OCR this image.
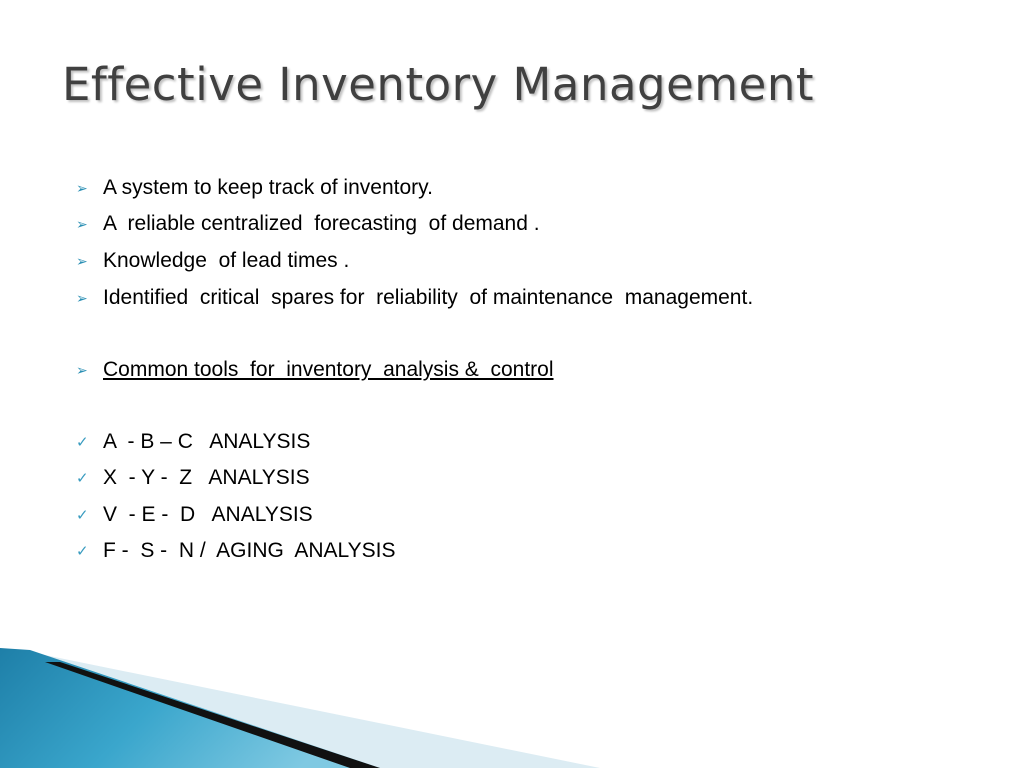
Effective Inventory Management
➢ A system to keep track of inventory.
➢ A  reliable centralized  forecasting  of demand .
➢ Knowledge  of lead times .
➢ Identified  critical  spares for  reliability  of maintenance  management.
➢ Common tools  for  inventory  analysis &  control
✓ A  - B – C   ANALYSIS
✓ X  - Y -  Z   ANALYSIS
✓ V  - E -  D   ANALYSIS
✓ F -  S -  N /  AGING  ANALYSIS
